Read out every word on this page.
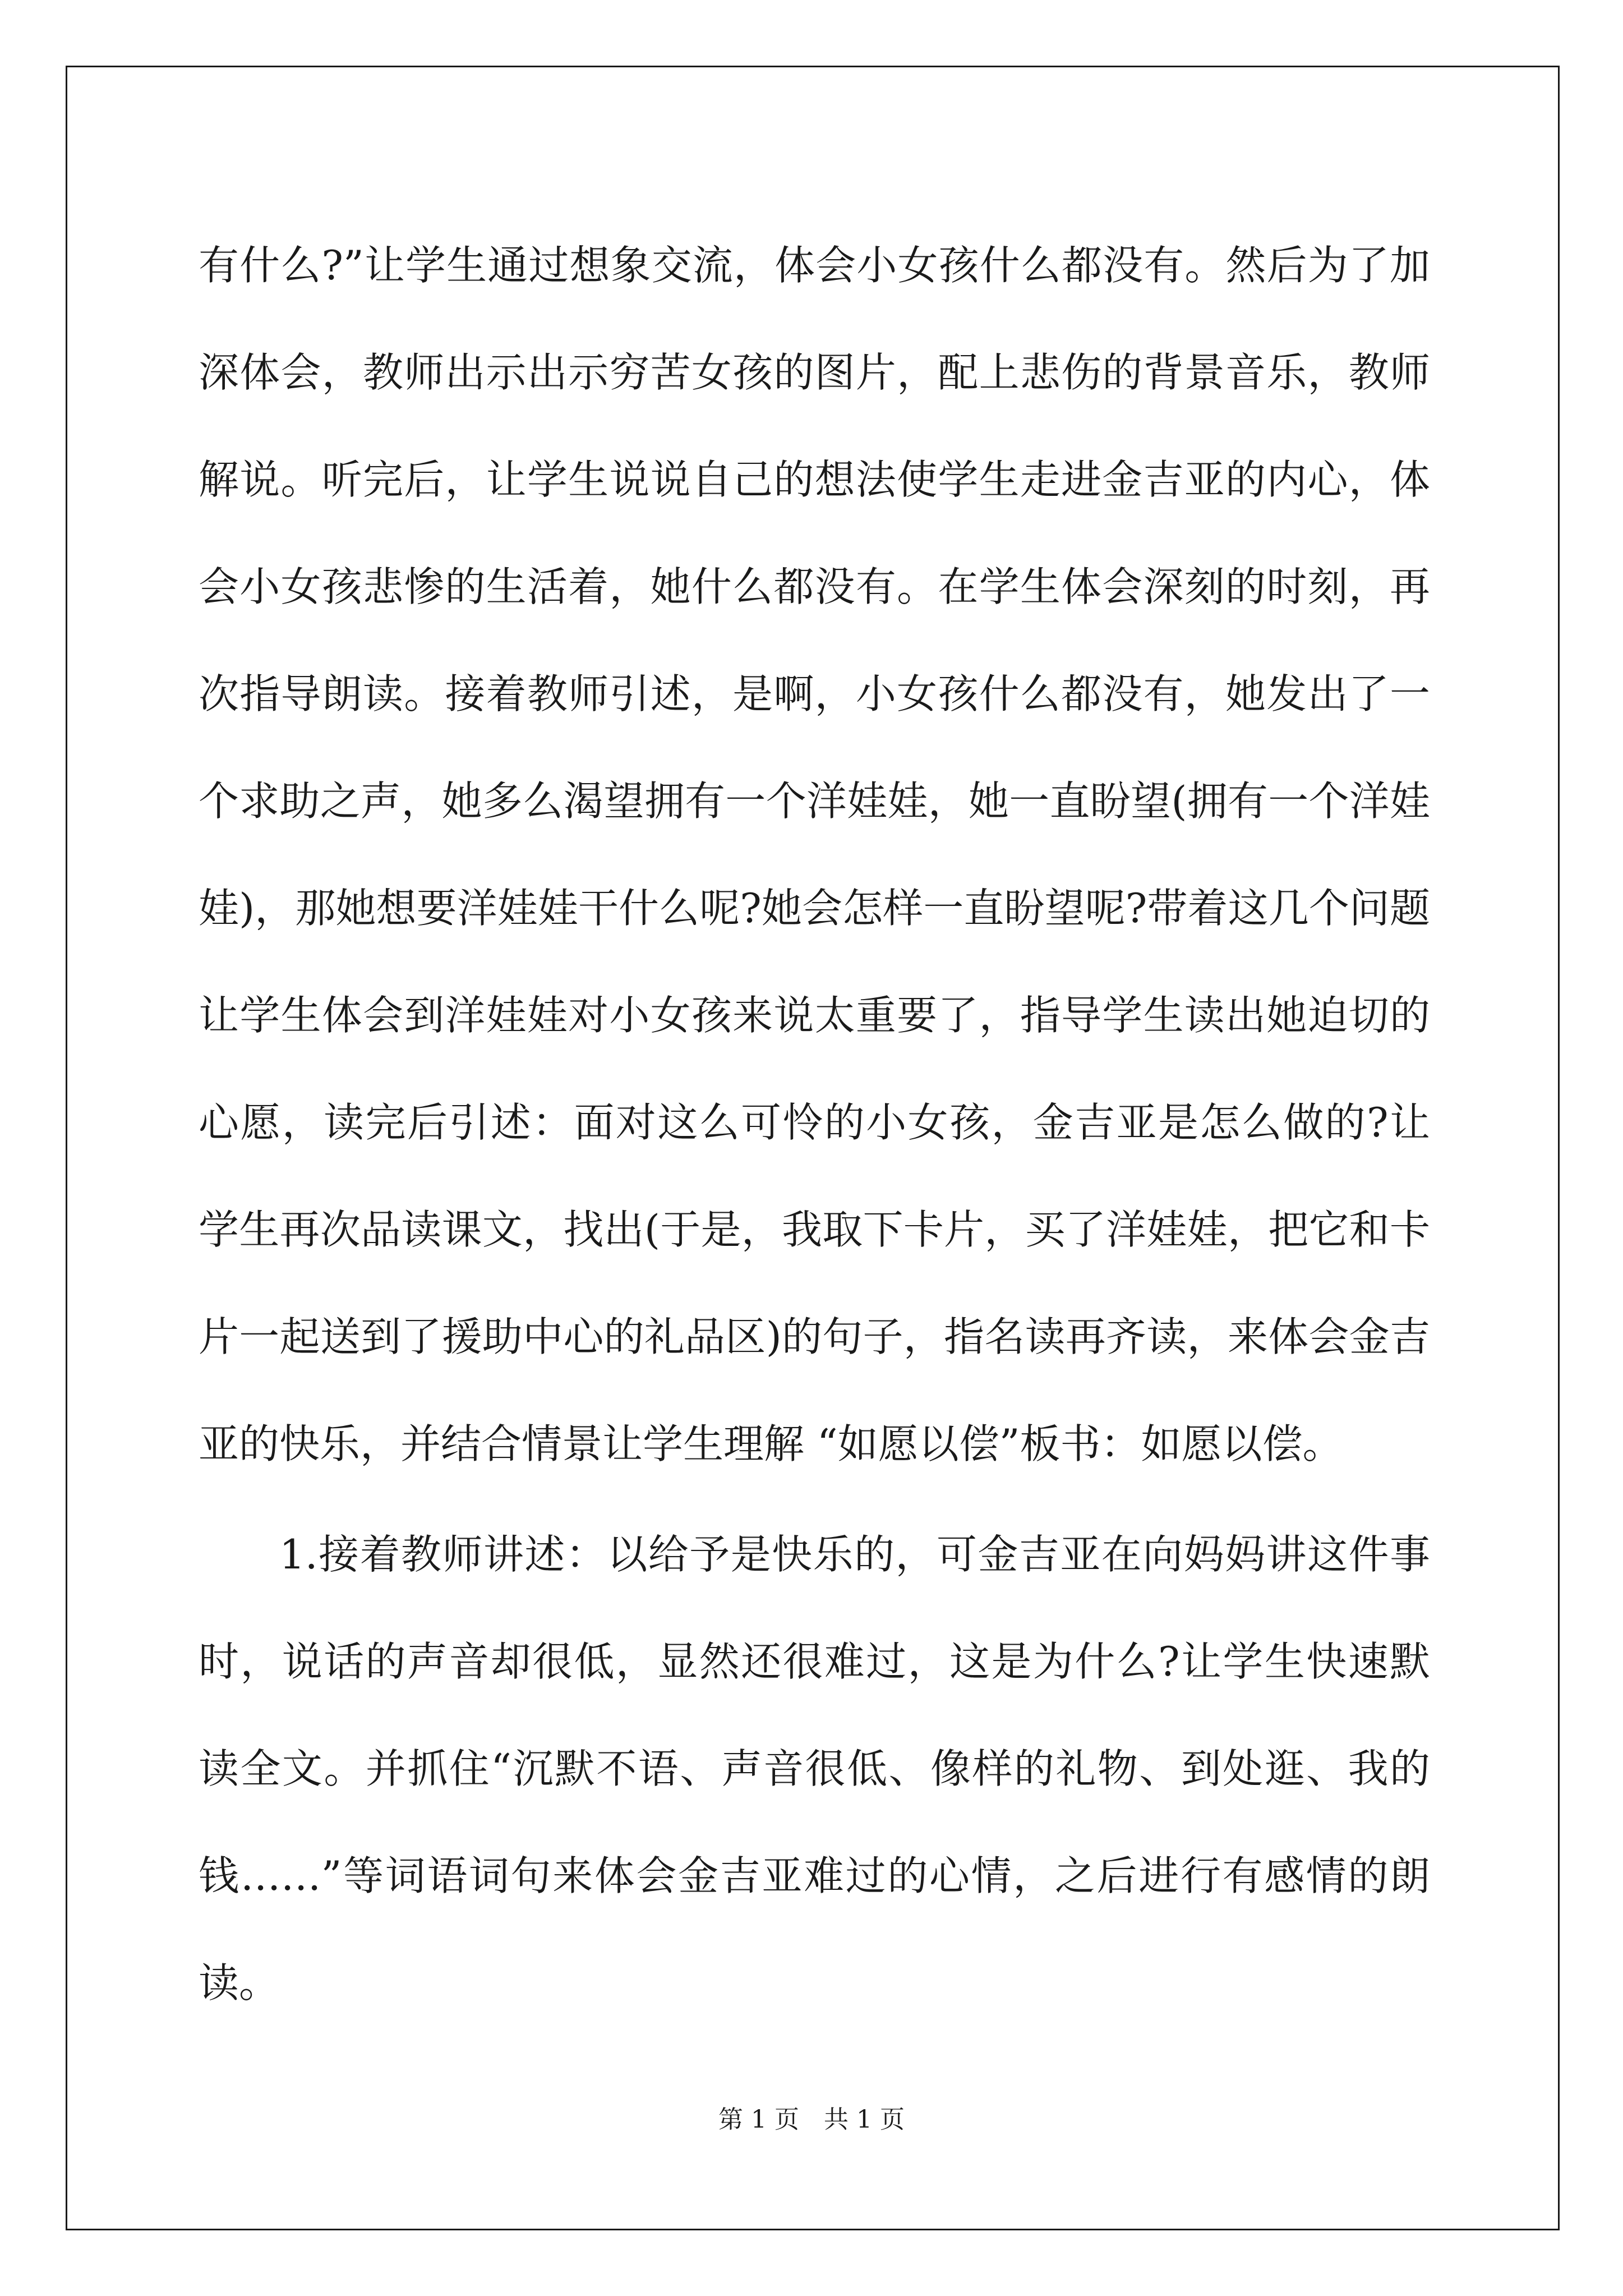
有什么?”让学生通过想象交流，体会小女孩什么都没有。然后为了加深体会，教师出示出示穷苦女孩的图片，配上悲伤的背景音乐，教师解说。听完后，让学生说说自己的想法使学生走进金吉亚的内心，体会小女孩悲惨的生活着，她什么都没有。在学生体会深刻的时刻，再次指导朗读。接着教师引述，是啊，小女孩什么都没有，她发出了一个求助之声，她多么渴望拥有一个洋娃娃，她一直盼望(拥有一个洋娃娃)，那她想要洋娃娃干什么呢?她会怎样一直盼望呢?带着这几个问题让学生体会到洋娃娃对小女孩来说太重要了，指导学生读出她迫切的心愿，读完后引述：面对这么可怜的小女孩，金吉亚是怎么做的?让学生再次品读课文，找出(于是，我取下卡片，买了洋娃娃，把它和卡片一起送到了援助中心的礼品区)的句子，指名读再齐读，来体会金吉亚的快乐，并结合情景让学生理解 “如愿以偿”板书：如愿以偿。

1.接着教师讲述：以给予是快乐的，可金吉亚在向妈妈讲这件事时，说话的声音却很低，显然还很难过，这是为什么?让学生快速默读全文。并抓住“沉默不语、声音很低、像样的礼物、到处逛、我的钱……”等词语词句来体会金吉亚难过的心情，之后进行有感情的朗读。

第 1 页　共 1 页
